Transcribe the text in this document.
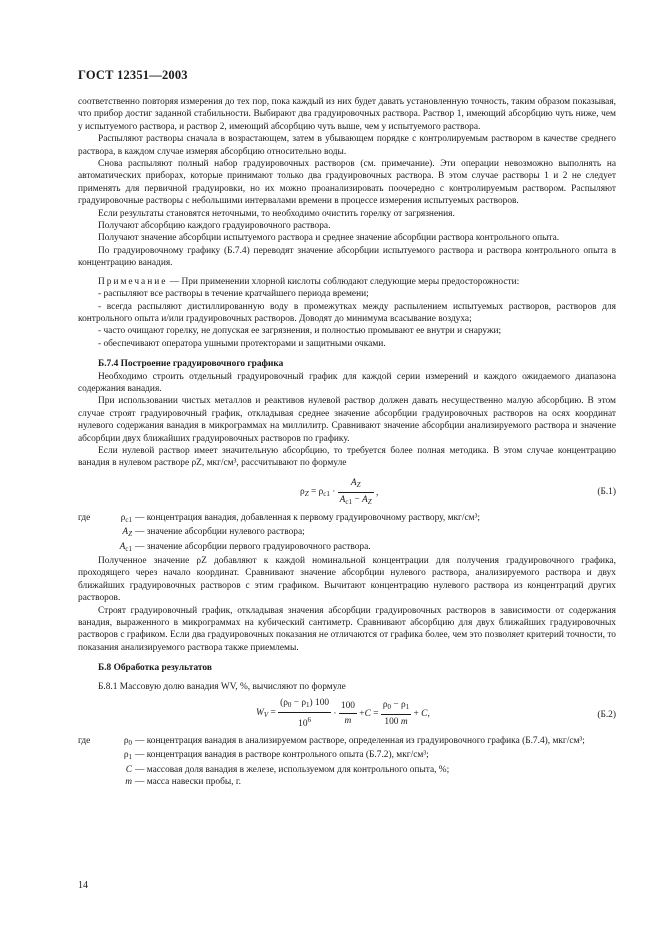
ГОСТ 12351—2003

соответственно повторяя измерения до тех пор, пока каждый из них будет давать установленную точность, таким образом показывая, что прибор достиг заданной стабильности. Выбирают два градуировочных раствора. Раствор 1, имеющий абсорбцию чуть ниже, чем у испытуемого раствора, и раствор 2, имеющий абсорбцию чуть выше, чем у испытуемого раствора.

Распыляют растворы сначала в возрастающем, затем в убывающем порядке с контролируемым раствором в качестве среднего раствора, в каждом случае измеряя абсорбцию относительно воды.

Снова распыляют полный набор градуировочных растворов (см. примечание). Эти операции невозможно выполнять на автоматических приборах, которые принимают только два градуировочных раствора. В этом случае растворы 1 и 2 не следует применять для первичной градуировки, но их можно проанализировать поочередно с контролируемым раствором. Распыляют градуировочные растворы с небольшими интервалами времени в процессе измерения испытуемых растворов.

Если результаты становятся неточными, то необходимо очистить горелку от загрязнения.

Получают абсорбцию каждого градуировочного раствора.

Получают значение абсорбции испытуемого раствора и среднее значение абсорбции раствора контрольного опыта.

По градуировочному графику (Б.7.4) переводят значение абсорбции испытуемого раствора и раствора контрольного опыта в концентрацию ванадия.

Примечание — При применении хлорной кислоты соблюдают следующие меры предосторожности:

- распыляют все растворы в течение кратчайшего периода времени;

- всегда распыляют дистиллированную воду в промежутках между распылением испытуемых растворов, растворов для контрольного опыта и/или градуировочных растворов. Доводят до минимума всасывание воздуха;

- часто очищают горелку, не допуская ее загрязнения, и полностью промывают ее внутри и снаружи;

- обеспечивают оператора ушными протекторами и защитными очками.

Б.7.4 Построение градуировочного графика

Необходимо строить отдельный градуировочный график для каждой серии измерений и каждого ожидаемого диапазона содержания ванадия.

При использовании чистых металлов и реактивов нулевой раствор должен давать несущественно малую абсорбцию. В этом случае строят градуировочный график, откладывая среднее значение абсорбции градуировочных растворов на осях координат нулевого содержания ванадия в микрограммах на миллилитр. Сравнивают значение абсорбции анализируемого раствора и значение абсорбции двух ближайших градуировочных растворов по графику.

Если нулевой раствор имеет значительную абсорбцию, то требуется более полная методика. В этом случае концентрацию ванадия в нулевом растворе ρZ, мкг/см³, рассчитывают по формуле

$\rho_Z = \rho_{c1} \cdot \frac{A_Z}{A_{c1} - A_Z}$ ,	(Б.1)
где	$\rho_{c1}$ — концентрация ванадия, добавленная к первому градуировочному раствору, мкг/см³;
$A_Z$ — значение абсорбции нулевого раствора;
$A_{c1}$ — значение абсорбции первого градуировочного раствора.

Полученное значение ρZ добавляют к каждой номинальной концентрации для получения градуировочного графика, проходящего через начало координат. Сравнивают значение абсорбции нулевого раствора, анализируемого раствора и двух ближайших градуировочных растворов с этим графиком. Вычитают концентрацию нулевого раствора из концентраций других растворов.

Строят градуировочный график, откладывая значения абсорбции градуировочных растворов в зависимости от содержания ванадия, выраженного в микрограммах на кубический сантиметр. Сравнивают абсорбцию для двух ближайших градуировочных растворов с графиком. Если два градуировочных показания не отличаются от графика более, чем это позволяет критерий точности, то показания анализируемого раствора также приемлемы.

Б.8 Обработка результатов

Б.8.1 Массовую долю ванадия WV, %, вычисляют по формуле

$W_V = \frac{(\rho_0 - \rho_1) 100}{10^6} \cdot \frac{100}{m} +C = \frac{\rho_0 - \rho_1}{100 m} + C$,	(Б.2)
где	$\rho_0$ — концентрация ванадия в анализируемом растворе, определенная из градуировочного графика (Б.7.4), мкг/см³;
$\rho_1$ — концентрация ванадия в растворе контрольного опыта (Б.7.2), мкг/см³;
C — массовая доля ванадия в железе, используемом для контрольного опыта, %;
m — масса навески пробы, г.
14
